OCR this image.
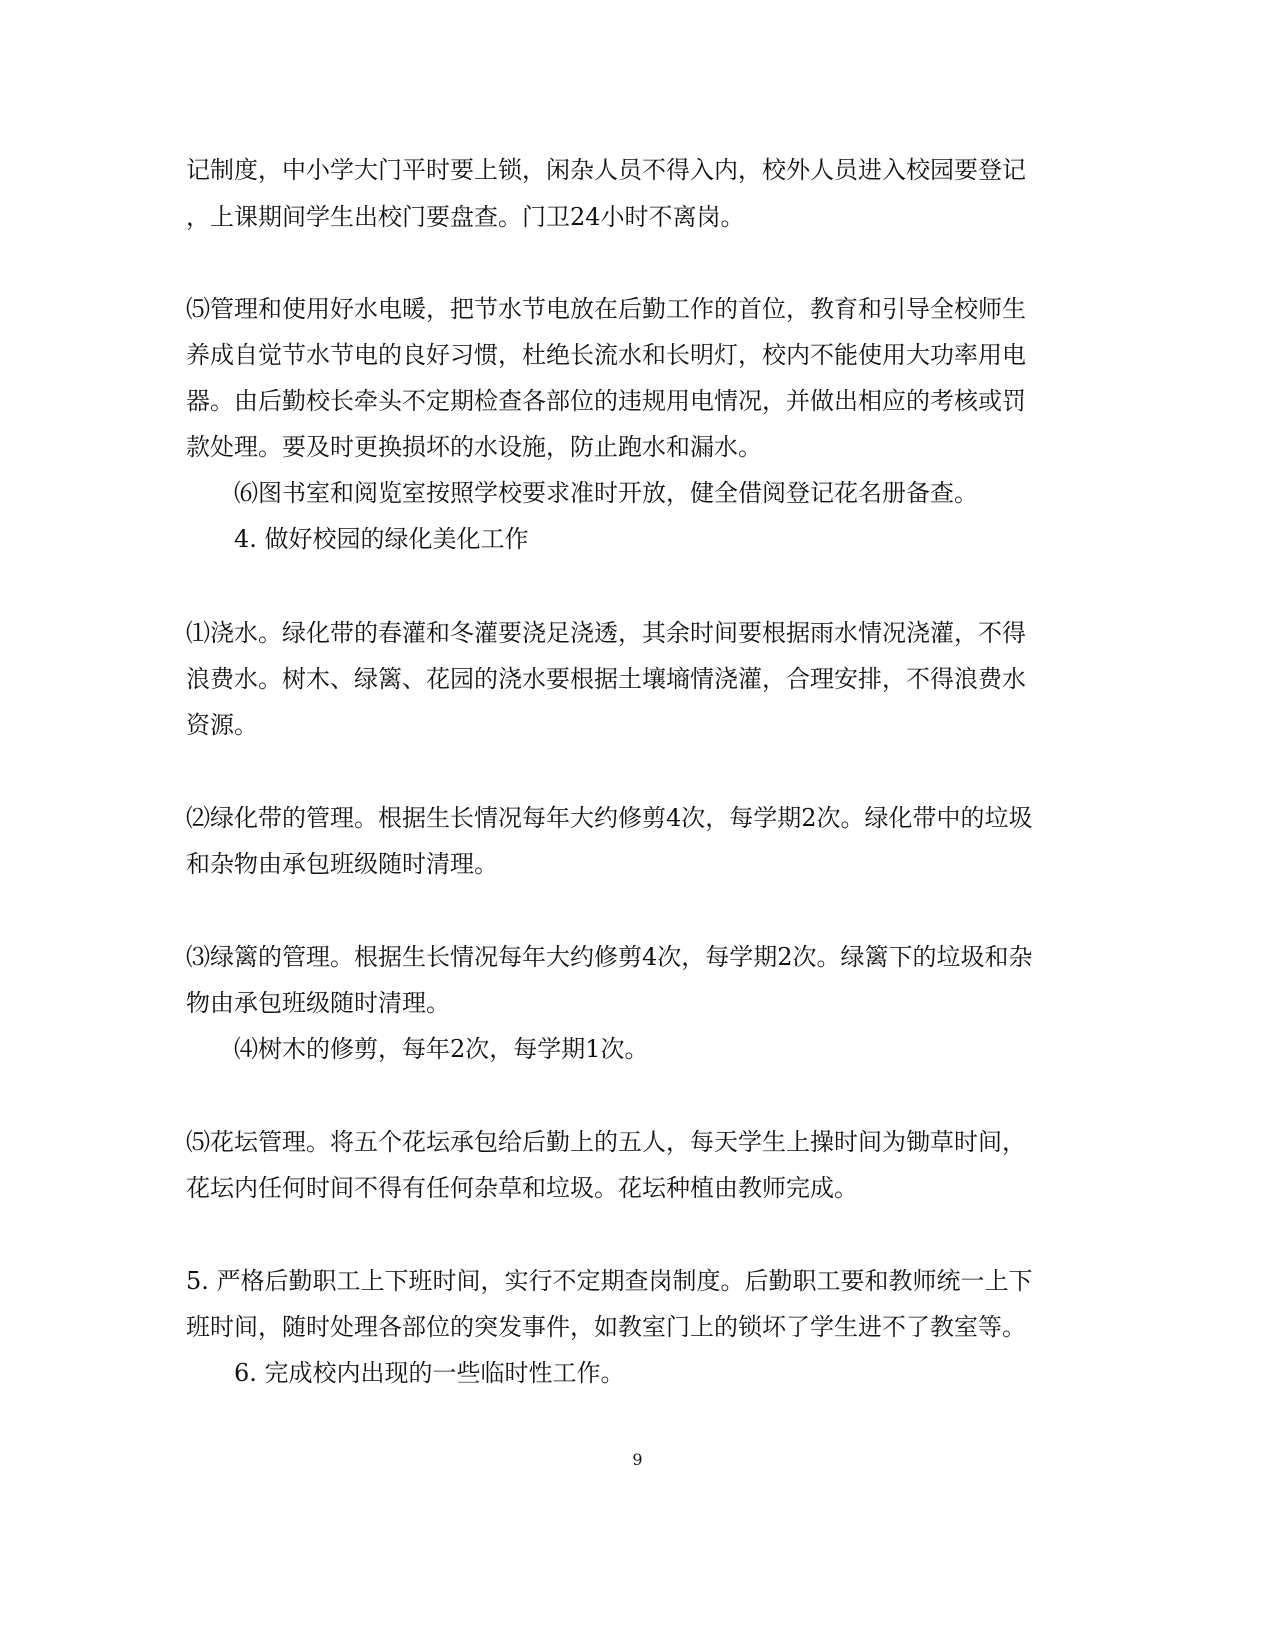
记制度，中小学大门平时要上锁，闲杂人员不得入内，校外人员进入校园要登记
，上课期间学生出校门要盘查。门卫24小时不离岗。
⑸管理和使用好水电暖，把节水节电放在后勤工作的首位，教育和引导全校师生
养成自觉节水节电的良好习惯，杜绝长流水和长明灯，校内不能使用大功率用电
器。由后勤校长牵头不定期检查各部位的违规用电情况，并做出相应的考核或罚
款处理。要及时更换损坏的水设施，防止跑水和漏水。
⑹图书室和阅览室按照学校要求准时开放，健全借阅登记花名册备查。
4. 做好校园的绿化美化工作
⑴浇水。绿化带的春灌和冬灌要浇足浇透，其余时间要根据雨水情况浇灌，不得
浪费水。树木、绿篱、花园的浇水要根据土壤墒情浇灌，合理安排，不得浪费水
资源。
⑵绿化带的管理。根据生长情况每年大约修剪4次，每学期2次。绿化带中的垃圾
和杂物由承包班级随时清理。
⑶绿篱的管理。根据生长情况每年大约修剪4次，每学期2次。绿篱下的垃圾和杂
物由承包班级随时清理。
⑷树木的修剪，每年2次，每学期1次。
⑸花坛管理。将五个花坛承包给后勤上的五人，每天学生上操时间为锄草时间，
花坛内任何时间不得有任何杂草和垃圾。花坛种植由教师完成。
5. 严格后勤职工上下班时间，实行不定期查岗制度。后勤职工要和教师统一上下
班时间，随时处理各部位的突发事件，如教室门上的锁坏了学生进不了教室等。
6. 完成校内出现的一些临时性工作。
9
